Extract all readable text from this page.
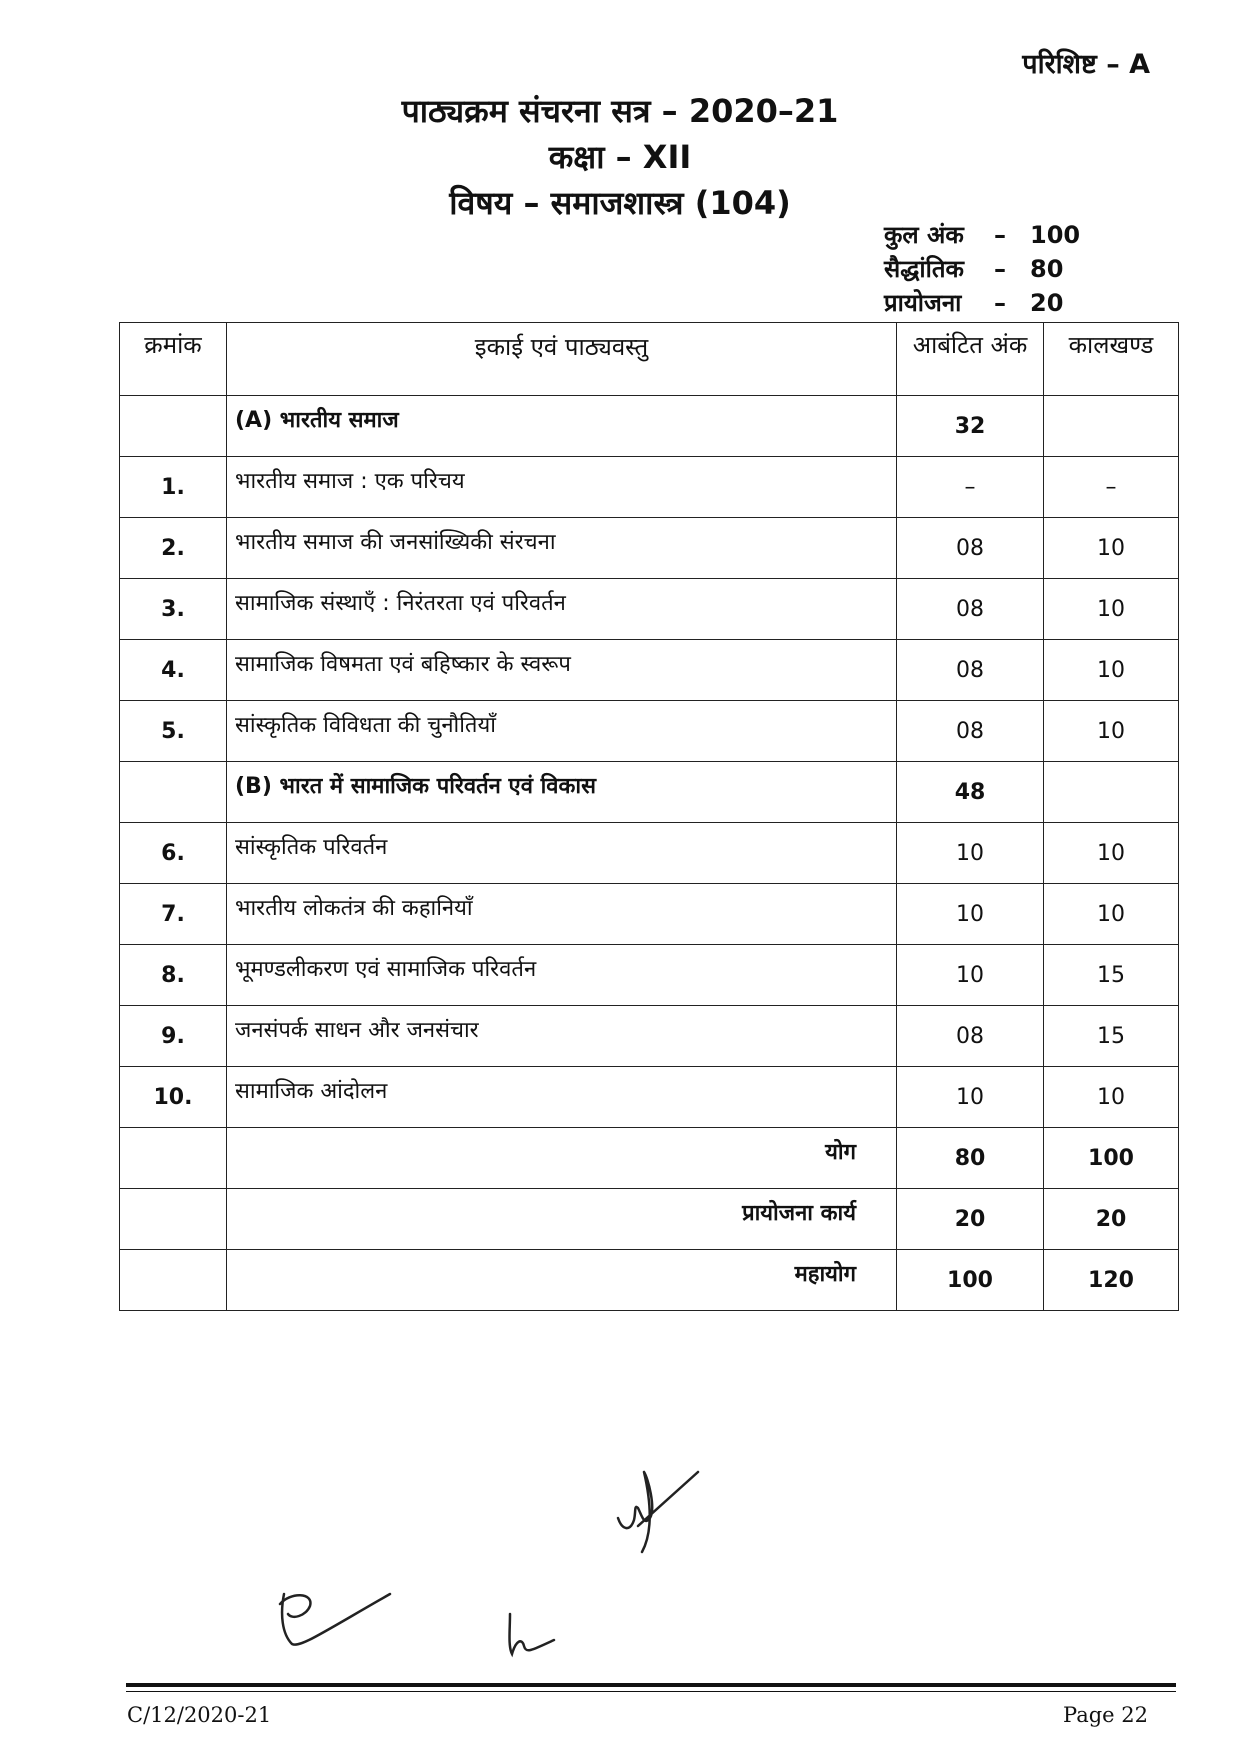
परिशिष्ट – A
पाठ्यक्रम संचरना सत्र – 2020–21
कक्षा – XII
विषय – समाजशास्त्र (104)
कुल अंक	–	100
सैद्धांतिक	–	80
प्रायोजना	–	20
क्रमांक	इकाई एवं पाठ्यवस्तु	आबंटित अंक	कालखण्ड
	(A) भारतीय समाज	32	
1.	भारतीय समाज : एक परिचय	–	–
2.	भारतीय समाज की जनसांख्यिकी संरचना	08	10
3.	सामाजिक संस्थाएँ : निरंतरता एवं परिवर्तन	08	10
4.	सामाजिक विषमता एवं बहिष्कार के स्वरूप	08	10
5.	सांस्कृतिक विविधता की चुनौतियाँ	08	10
	(B) भारत में सामाजिक परिवर्तन एवं विकास	48	
6.	सांस्कृतिक परिवर्तन	10	10
7.	भारतीय लोकतंत्र की कहानियाँ	10	10
8.	भूमण्डलीकरण एवं सामाजिक परिवर्तन	10	15
9.	जनसंपर्क साधन और जनसंचार	08	15
10.	सामाजिक आंदोलन	10	10
	योग	80	100
	प्रायोजना कार्य	20	20
	महायोग	100	120
C/12/2020-21	Page 22
